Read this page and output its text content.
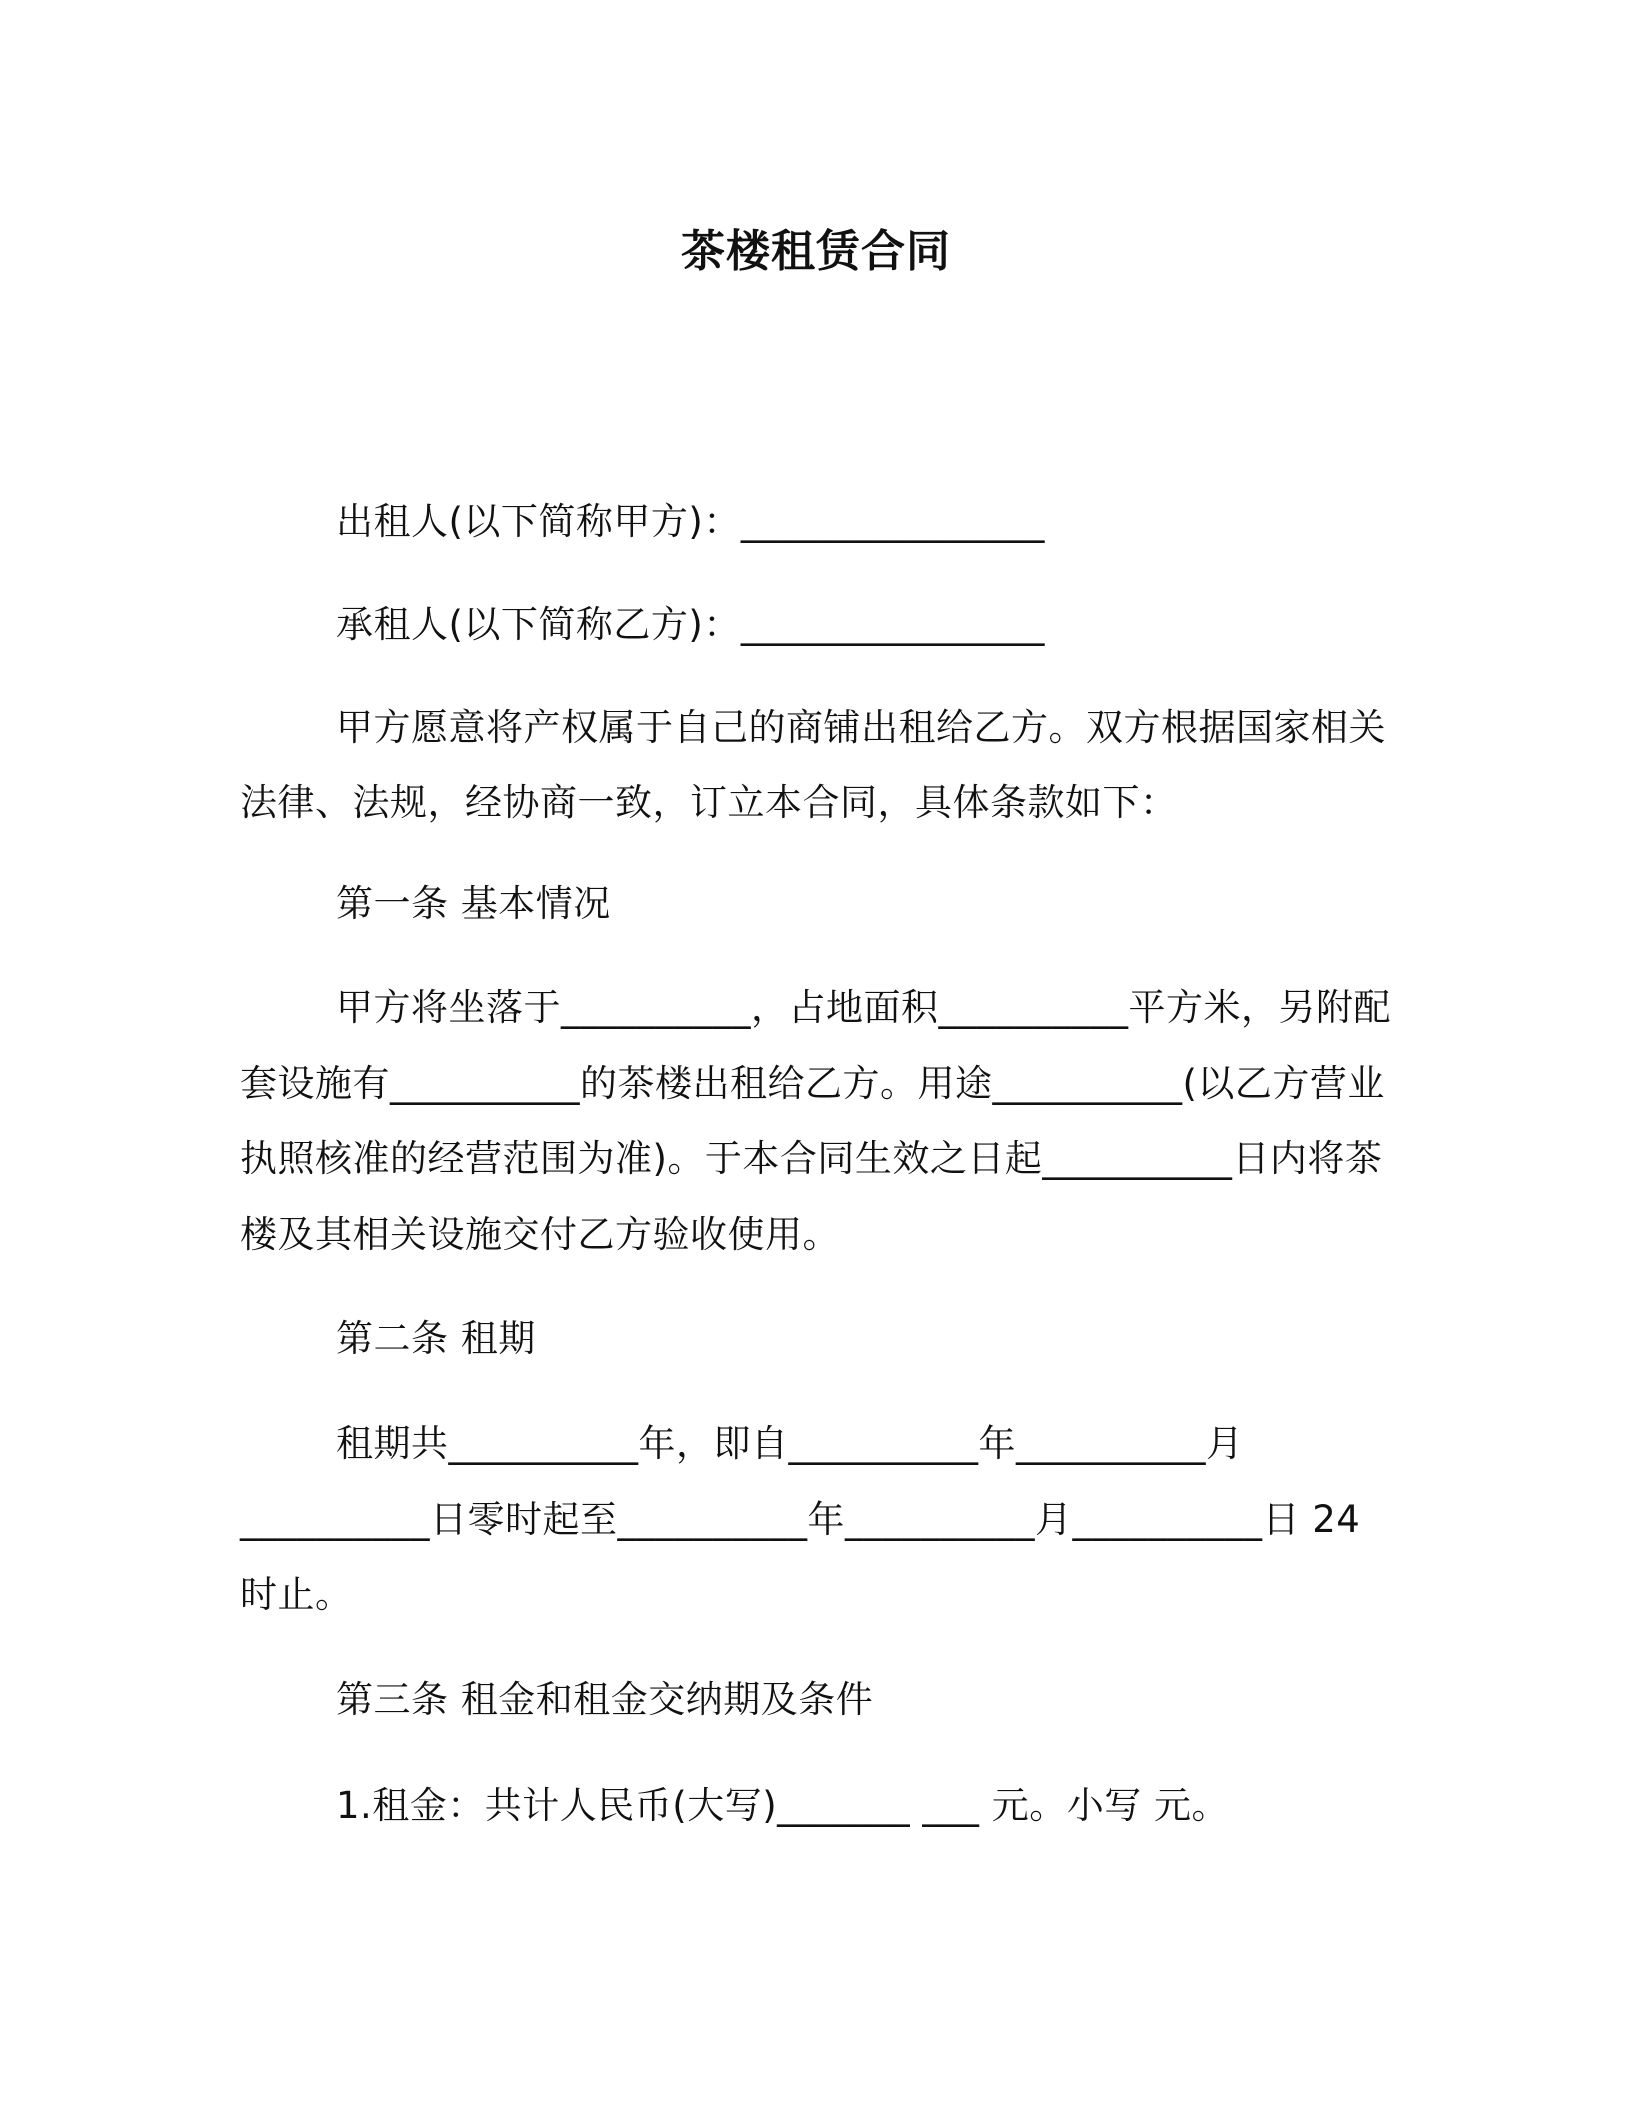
茶楼租赁合同
出租人(以下简称甲方)：________________
承租人(以下简称乙方)：________________
甲方愿意将产权属于自己的商铺出租给乙方。双方根据国家相关
法律、法规，经协商一致，订立本合同，具体条款如下：
第一条 基本情况
甲方将坐落于__________，占地面积__________平方米，另附配
套设施有__________的茶楼出租给乙方。用途__________(以乙方营业
执照核准的经营范围为准)。于本合同生效之日起__________日内将茶
楼及其相关设施交付乙方验收使用。
第二条 租期
租期共__________年，即自__________年__________月
__________日零时起至__________年__________月__________日 24
时止。
第三条 租金和租金交纳期及条件
1.租金：共计人民币(大写)_______ ___ 元。小写 元。
